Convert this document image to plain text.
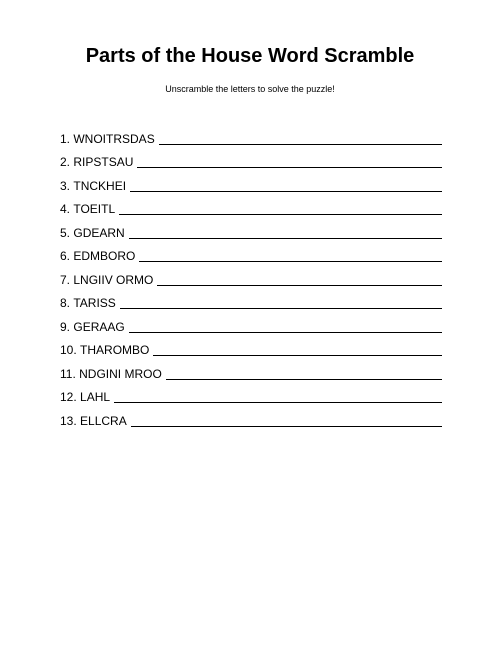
Parts of the House Word Scramble
Unscramble the letters to solve the puzzle!
1.
WNOITRSDAS
2.
RIPSTSAU
3.
TNCKHEI
4.
TOEITL
5.
GDEARN
6.
EDMBORO
7.
LNGIIV ORMO
8.
TARISS
9.
GERAAG
10.
THAROMBO
11.
NDGINI MROO
12.
LAHL
13.
ELLCRA
